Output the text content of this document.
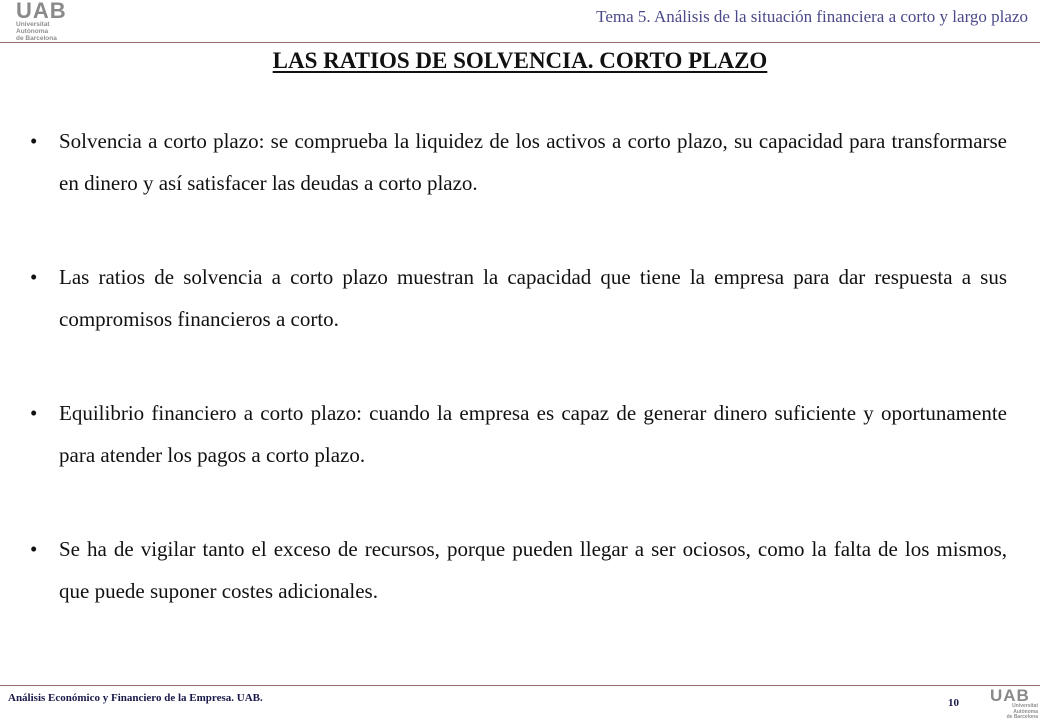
UAB
Universitat Autònoma
de Barcelona
Tema 5. Análisis de la situación financiera a corto y largo plazo
LAS RATIOS DE SOLVENCIA. CORTO PLAZO
•	Solvencia a corto plazo: se comprueba la liquidez de los activos a corto plazo, su capacidad para transformarse en dinero y así satisfacer las deudas a corto plazo.
•	Las ratios de solvencia a corto plazo muestran la capacidad que tiene la empresa para dar respuesta a sus compromisos financieros a corto.
•	Equilibrio financiero a corto plazo: cuando la empresa es capaz de generar dinero suficiente y oportunamente para atender los pagos a corto plazo.
•	Se ha de vigilar tanto el exceso de recursos, porque pueden llegar a ser ociosos, como la falta de los mismos, que puede suponer costes adicionales.
Análisis Económico y Financiero de la Empresa. UAB.	10 UAB
Universitat Autònoma
de Barcelona
